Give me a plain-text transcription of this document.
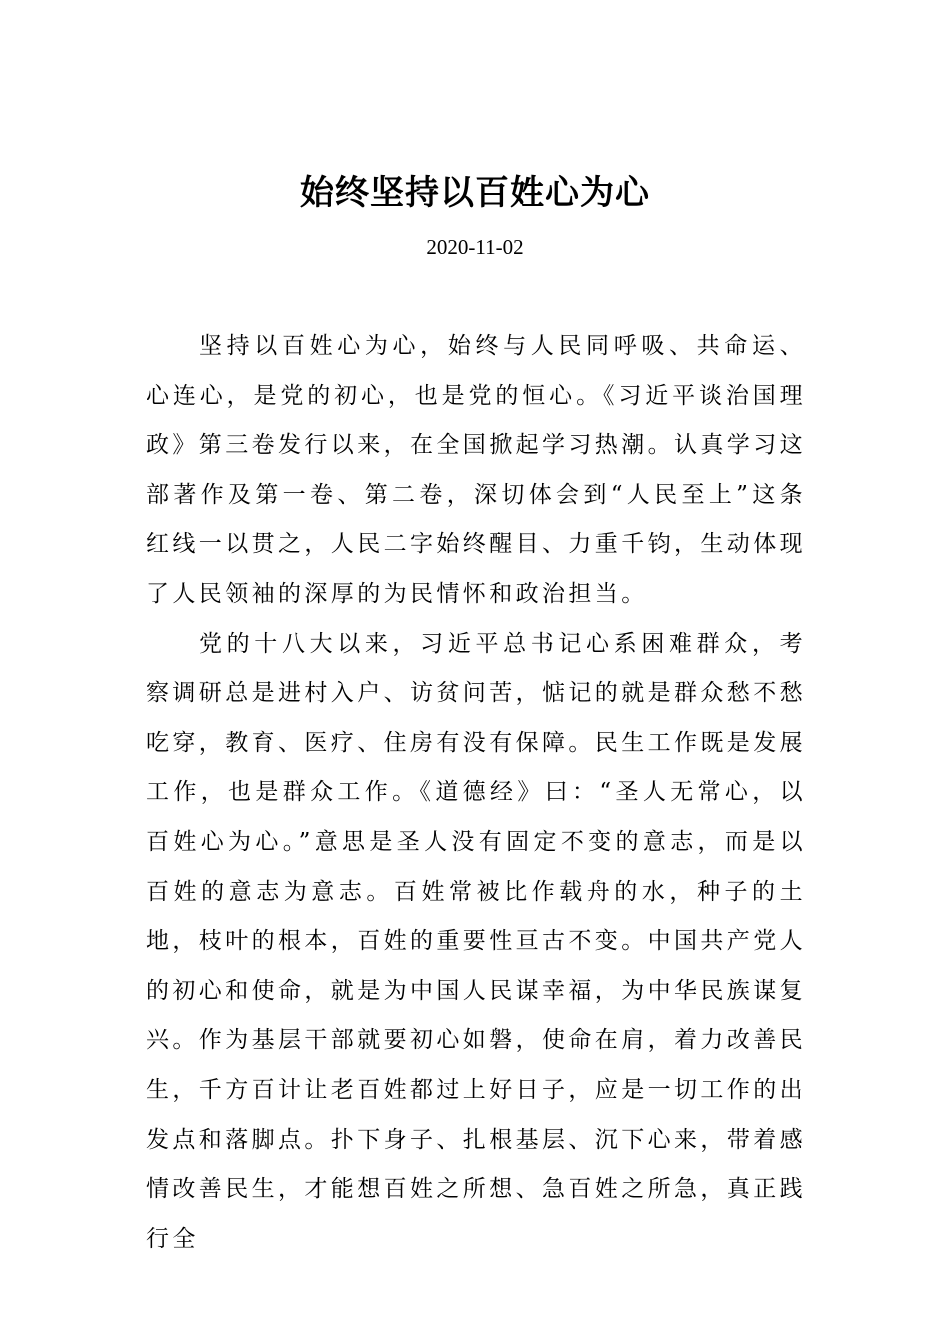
始终坚持以百姓心为心
2020-11-02

坚持以百姓心为心，始终与人民同呼吸、共命运、心连心，是党的初心，也是党的恒心。《习近平谈治国理政》第三卷发行以来，在全国掀起学习热潮。认真学习这部著作及第一卷、第二卷，深切体会到“人民至上”这条红线一以贯之，人民二字始终醒目、力重千钧，生动体现了人民领袖的深厚的为民情怀和政治担当。

党的十八大以来，习近平总书记心系困难群众，考察调研总是进村入户、访贫问苦，惦记的就是群众愁不愁吃穿，教育、医疗、住房有没有保障。民生工作既是发展工作，也是群众工作。《道德经》曰：“圣人无常心，以百姓心为心。”意思是圣人没有固定不变的意志，而是以百姓的意志为意志。百姓常被比作载舟的水，种子的土地，枝叶的根本，百姓的重要性亘古不变。中国共产党人的初心和使命，就是为中国人民谋幸福，为中华民族谋复兴。作为基层干部就要初心如磐，使命在肩，着力改善民生，千方百计让老百姓都过上好日子，应是一切工作的出发点和落脚点。扑下身子、扎根基层、沉下心来，带着感情改善民生，才能想百姓之所想、急百姓之所急，真正践行全
